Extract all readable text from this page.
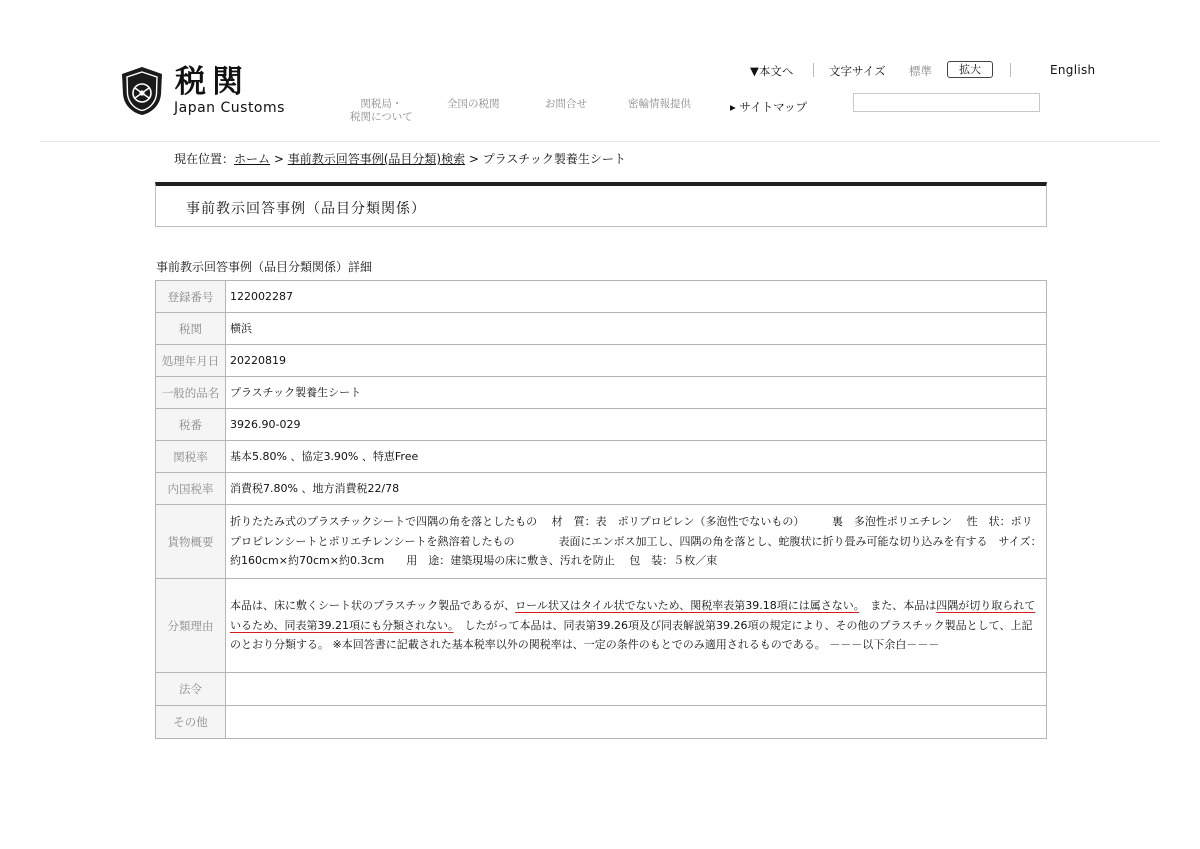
税関
Japan Customs
▼本文へ	文字サイズ 標準	拡大	English
関税局・
税関について
全国の税関	お問合せ	密輸情報提供	▸ サイトマップ
現在位置：ホーム > 事前教示回答事例(品目分類)検索 > プラスチック製養生シート
事前教示回答事例（品目分類関係）
事前教示回答事例（品目分類関係）詳細
登録番号	122002287
税関	横浜
処理年月日	20220819
一般的品名	プラスチック製養生シート
税番	3926.90-029
関税率	基本5.80% 、協定3.90% 、特恵Free
内国税率	消費税7.80% 、地方消費税22/78
貨物概要	折りたたみ式のプラスチックシートで四隅の角を落としたもの　 材　質：表　ポリプロピレン（多泡性でないもの）　　　裏　多泡性ポリエチレン　 性　状：ポリプロピレンシートとポリエチレンシートを熱溶着したもの　　　　表面にエンボス加工し、四隅の角を落とし、蛇腹状に折り畳み可能な切り込みを有する　サイズ：約160cm×約70cm×約0.3cm　　用　途：建築現場の床に敷き、汚れを防止　 包　装：５枚／束
分類理由	本品は、床に敷くシート状のプラスチック製品であるが、ロール状又はタイル状でないため、関税率表第39.18項には属さない。　また、本品は四隅が切り取られているため、同表第39.21項にも分類されない。　したがって本品は、同表第39.26項及び同表解説第39.26項の規定により、その他のプラスチック製品として、上記のとおり分類する。 ※本回答書に記載された基本税率以外の関税率は、一定の条件のもとでのみ適用されるものである。 －－－以下余白－－－
法令	
その他	
